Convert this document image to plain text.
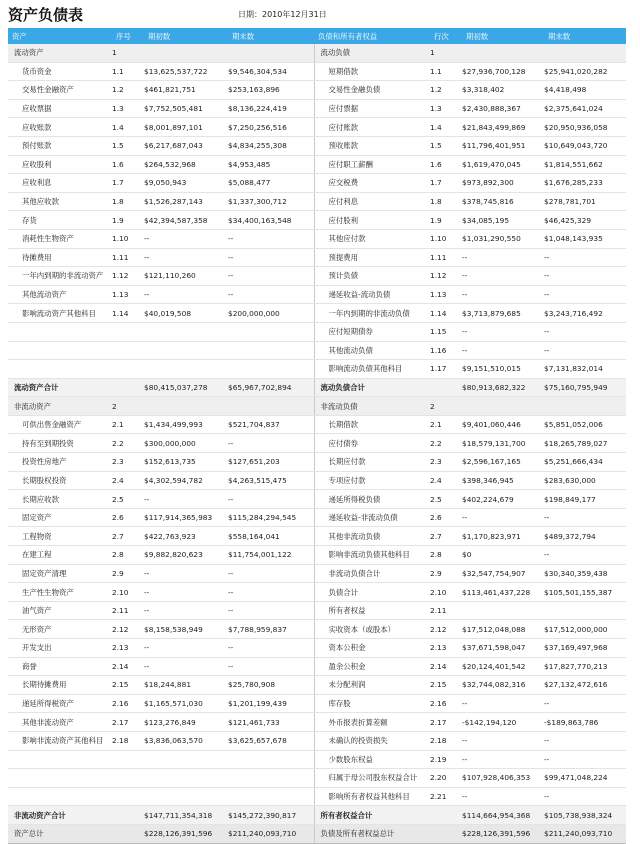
资产负债表	日期：2010年12月31日
资产	序号	期初数	期末数	负债和所有者权益	行次	期初数	期末数
流动资产	1			流动负债	1		
货币资金	1.1	$13,625,537,722	$9,546,304,534	短期借款	1.1	$27,936,700,128	$25,941,020,282
交易性金融资产	1.2	$461,821,751	$253,163,896	交易性金融负债	1.2	$3,318,402	$4,418,498
应收票据	1.3	$7,752,505,481	$8,136,224,419	应付票据	1.3	$2,430,888,367	$2,375,641,024
应收账款	1.4	$8,001,897,101	$7,250,256,516	应付账款	1.4	$21,843,499,869	$20,950,936,058
预付账款	1.5	$6,217,687,043	$4,834,255,308	预收账款	1.5	$11,796,401,951	$10,649,043,720
应收股利	1.6	$264,532,968	$4,953,485	应付职工薪酬	1.6	$1,619,470,045	$1,814,551,662
应收利息	1.7	$9,050,943	$5,088,477	应交税费	1.7	$973,892,300	$1,676,285,233
其他应收款	1.8	$1,526,287,143	$1,337,300,712	应付利息	1.8	$378,745,816	$278,781,701
存货	1.9	$42,394,587,358	$34,400,163,548	应付股利	1.9	$34,085,195	$46,425,329
消耗性生物资产	1.10	--	--	其他应付款	1.10	$1,031,290,550	$1,048,143,935
待摊费用	1.11	--	--	预提费用	1.11	--	--
一年内到期的非流动资产	1.12	$121,110,260	--	预计负债	1.12	--	--
其他流动资产	1.13	--	--	递延收益-流动负债	1.13	--	--
影响流动资产其他科目	1.14	$40,019,508	$200,000,000	一年内到期的非流动负债	1.14	$3,713,879,685	$3,243,716,492
				应付短期债券	1.15	--	--
				其他流动负债	1.16	--	--
				影响流动负债其他科目	1.17	$9,151,510,015	$7,131,832,014
流动资产合计		$80,415,037,278	$65,967,702,894	流动负债合计		$80,913,682,322	$75,160,795,949
非流动资产	2			非流动负债	2		
可供出售金融资产	2.1	$1,434,499,993	$521,704,837	长期借款	2.1	$9,401,060,446	$5,851,052,006
持有至到期投资	2.2	$300,000,000	--	应付债券	2.2	$18,579,131,700	$18,265,789,027
投资性房地产	2.3	$152,613,735	$127,651,203	长期应付款	2.3	$2,596,167,165	$5,251,666,434
长期股权投资	2.4	$4,302,594,782	$4,263,515,475	专项应付款	2.4	$398,346,945	$283,630,000
长期应收款	2.5	--	--	递延所得税负债	2.5	$402,224,679	$198,849,177
固定资产	2.6	$117,914,365,983	$115,284,294,545	递延收益-非流动负债	2.6	--	--
工程物资	2.7	$422,763,923	$558,164,041	其他非流动负债	2.7	$1,170,823,971	$489,372,794
在建工程	2.8	$9,882,820,623	$11,754,001,122	影响非流动负债其他科目	2.8	$0	--
固定资产清理	2.9	--	--	非流动负债合计	2.9	$32,547,754,907	$30,340,359,438
生产性生物资产	2.10	--	--	负债合计	2.10	$113,461,437,228	$105,501,155,387
油气资产	2.11	--	--	所有者权益	2.11		
无形资产	2.12	$8,158,538,949	$7,788,959,837	实收资本（或股本）	2.12	$17,512,048,088	$17,512,000,000
开发支出	2.13	--	--	资本公积金	2.13	$37,671,598,047	$37,169,497,968
商誉	2.14	--	--	盈余公积金	2.14	$20,124,401,542	$17,827,770,213
长期待摊费用	2.15	$18,244,881	$25,780,908	未分配利润	2.15	$32,744,082,316	$27,132,472,616
递延所得税资产	2.16	$1,165,571,030	$1,201,199,439	库存股	2.16	--	--
其他非流动资产	2.17	$123,276,849	$121,461,733	外币报表折算差额	2.17	-$142,194,120	-$189,863,786
影响非流动资产其他科目	2.18	$3,836,063,570	$3,625,657,678	未确认的投资损失	2.18	--	--
				少数股东权益	2.19	--	--
				归属于母公司股东权益合计	2.20	$107,928,406,353	$99,471,048,224
				影响所有者权益其他科目	2.21	--	--
非流动资产合计		$147,711,354,318	$145,272,390,817	所有者权益合计		$114,664,954,368	$105,738,938,324
资产总计		$228,126,391,596	$211,240,093,710	负债及所有者权益总计		$228,126,391,596	$211,240,093,710
